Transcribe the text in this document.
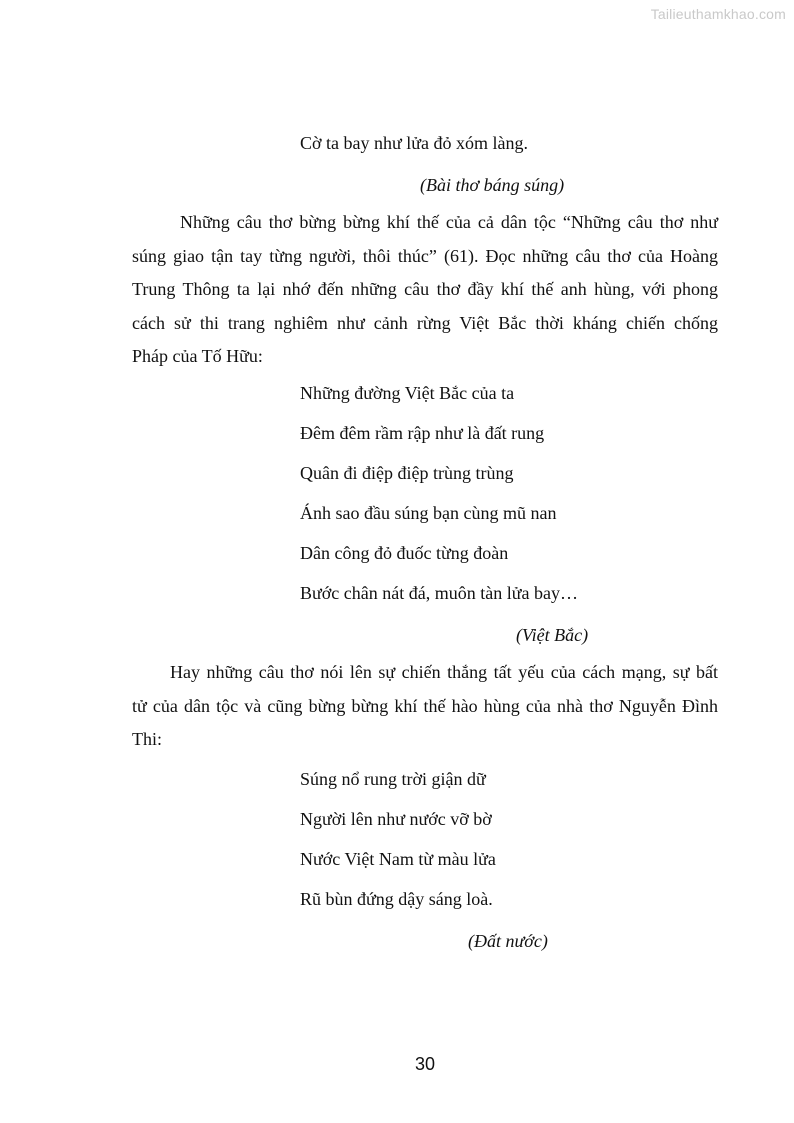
Tailieuthamkhao.com
Cờ ta bay như lửa đỏ xóm làng.
(Bài thơ báng súng)
Những câu thơ bừng bừng khí thế của cả dân tộc “Những câu thơ như
súng giao tận tay từng người, thôi thúc” (61). Đọc những câu thơ của Hoàng
Trung Thông ta lại nhớ đến những câu thơ đầy khí thế anh hùng, với phong
cách sử thi trang nghiêm như cảnh rừng Việt Bắc thời kháng chiến chống
Pháp của Tố Hữu:
Những đường Việt Bắc của ta
Đêm đêm rầm rập như là đất rung
Quân đi điệp điệp trùng trùng
Ánh sao đầu súng bạn cùng mũ nan
Dân công đỏ đuốc từng đoàn
Bước chân nát đá, muôn tàn lửa bay…
(Việt Bắc)
Hay những câu thơ nói lên sự chiến thắng tất yếu của cách mạng, sự bất
tử của dân tộc và cũng bừng bừng khí thế hào hùng của nhà thơ Nguyễn Đình
Thi:
Súng nổ rung trời giận dữ
Người lên như nước vỡ bờ
Nước Việt Nam từ màu lửa
Rũ bùn đứng dậy sáng loà.
(Đất nước)
30
